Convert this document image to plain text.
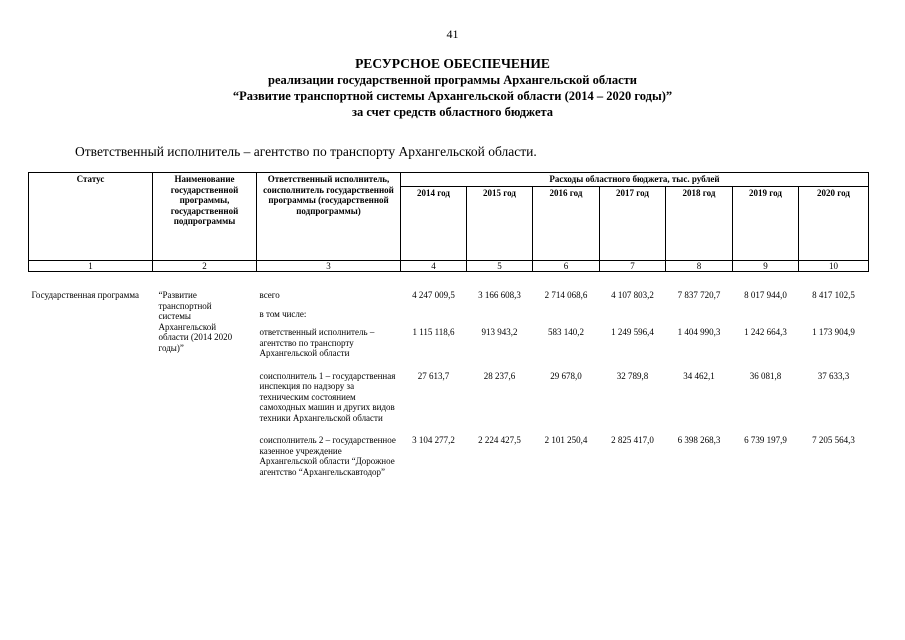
41
РЕСУРСНОЕ ОБЕСПЕЧЕНИЕ
реализации государственной программы Архангельской области
“Развитие транспортной системы Архангельской области (2014 – 2020 годы)”
за счет средств областного бюджета
Ответственный исполнитель – агентство по транспорту Архангельской области.
Статус	Наименование государственной программы, государственной подпрограммы	Ответственный исполнитель, соисполнитель государственной программы (государственной подпрограммы)	Расходы областного бюджета, тыс. рублей						
			2014 год	2015 год	2016 год	2017 год	2018 год	2019 год	2020 год
1	2	3	4	5	6	7	8	9	10

Государственная программа	“Развитие транспортной системы Архангельской области (2014 2020 годы)”	всего	4 247 009,5	3 166 608,3	2 714 068,6	4 107 803,2	7 837 720,7	8 017 944,0	8 417 102,5
		в том числе:							
		ответственный исполнитель – агентство по транспорту Архангельской области	1 115 118,6	913 943,2	583 140,2	1 249 596,4	1 404 990,3	1 242 664,3	1 173 904,9
		соисполнитель 1 – государственная инспекция по надзору за техническим состоянием самоходных машин и других видов техники Архангельской области	27 613,7	28 237,6	29 678,0	32 789,8	34 462,1	36 081,8	37 633,3
		соисполнитель 2 – государственное казенное учреждение Архангельской области “Дорожное агентство “Архангельскавтодор”	3 104 277,2	2 224 427,5	2 101 250,4	2 825 417,0	6 398 268,3	6 739 197,9	7 205 564,3
